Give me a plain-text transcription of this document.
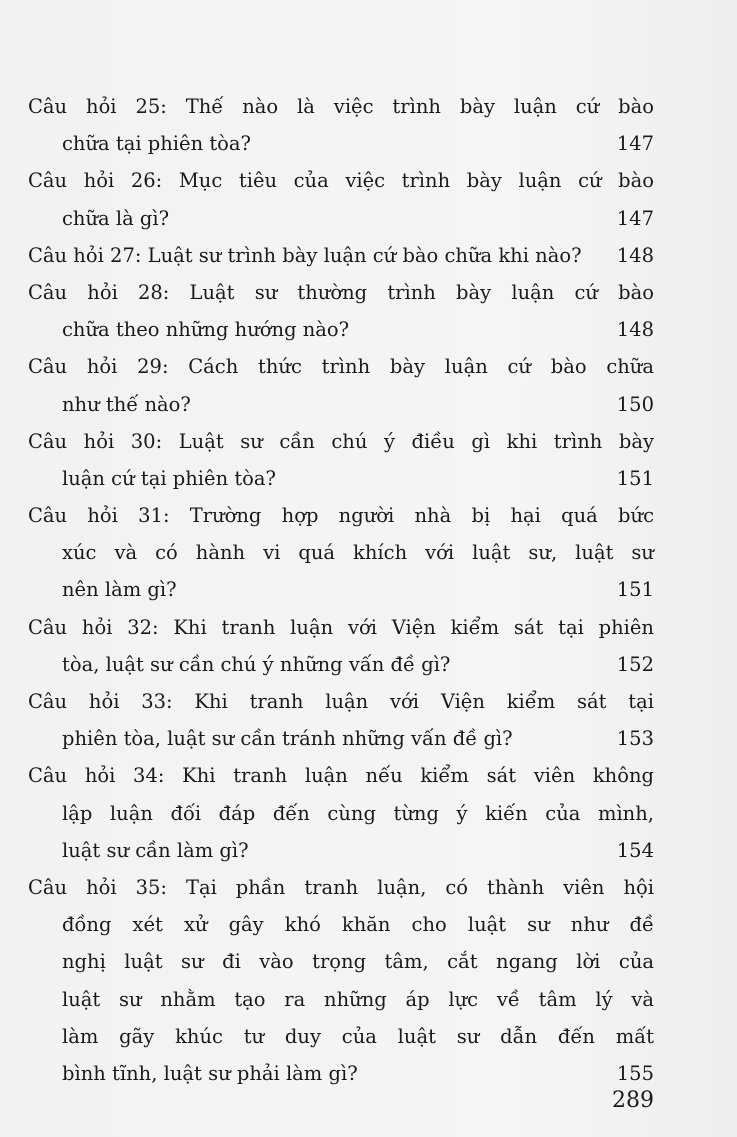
Câu hỏi 25: Thế nào là việc trình bày luận cứ bào
chữa tại phiên tòa?	147
Câu hỏi 26: Mục tiêu của việc trình bày luận cứ bào
chữa là gì?	147
Câu hỏi 27: Luật sư trình bày luận cứ bào chữa khi nào? 148
Câu hỏi 28: Luật sư thường trình bày luận cứ bào
chữa theo những hướng nào?	148
Câu hỏi 29: Cách thức trình bày luận cứ bào chữa
như thế nào?	150
Câu hỏi 30: Luật sư cần chú ý điều gì khi trình bày
luận cứ tại phiên tòa?	151
Câu hỏi 31: Trường hợp người nhà bị hại quá bức
xúc và có hành vi quá khích với luật sư, luật sư
nên làm gì?	151
Câu hỏi 32: Khi tranh luận với Viện kiểm sát tại phiên
tòa, luật sư cần chú ý những vấn đề gì?	152
Câu hỏi 33: Khi tranh luận với Viện kiểm sát tại
phiên tòa, luật sư cần tránh những vấn đề gì?	153
Câu hỏi 34: Khi tranh luận nếu kiểm sát viên không
lập luận đối đáp đến cùng từng ý kiến của mình,
luật sư cần làm gì?	154
Câu hỏi 35: Tại phần tranh luận, có thành viên hội
đồng xét xử gây khó khăn cho luật sư như đề
nghị luật sư đi vào trọng tâm, cắt ngang lời của
luật sư nhằm tạo ra những áp lực về tâm lý và
làm gãy khúc tư duy của luật sư dẫn đến mất
bình tĩnh, luật sư phải làm gì?	155
289
